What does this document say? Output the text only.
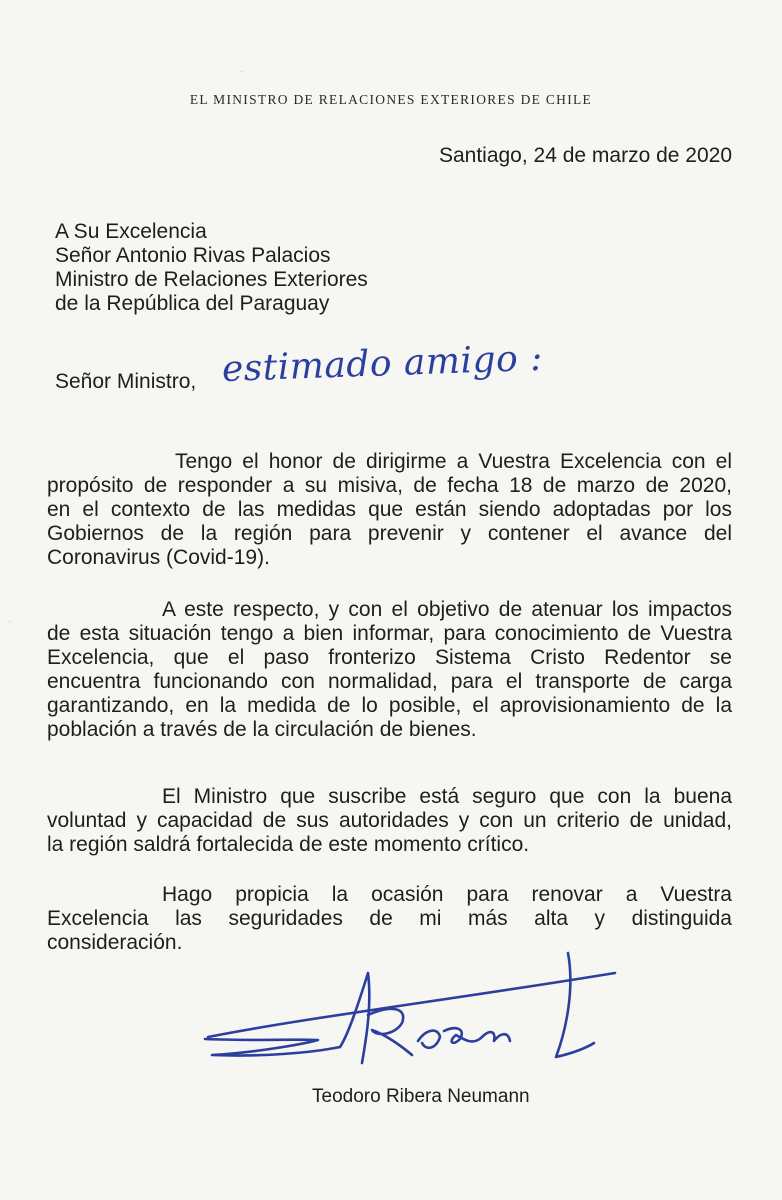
·
·
EL MINISTRO DE RELACIONES EXTERIORES DE CHILE
Santiago, 24 de marzo de 2020
A Su Excelencia
Señor Antonio Rivas Palacios
Ministro de Relaciones Exteriores
de la República del Paraguay
Señor Ministro, estimado amigo :
Tengo el honor de dirigirme a Vuestra Excelencia con el
propósito de responder a su misiva, de fecha 18 de marzo de 2020,
en el contexto de las medidas que están siendo adoptadas por los
Gobiernos de la región para prevenir y contener el avance del
Coronavirus (Covid-19).
A este respecto, y con el objetivo de atenuar los impactos
de esta situación tengo a bien informar, para conocimiento de Vuestra
Excelencia, que el paso fronterizo Sistema Cristo Redentor se
encuentra funcionando con normalidad, para el transporte de carga
garantizando, en la medida de lo posible, el aprovisionamiento de la
población a través de la circulación de bienes.
El Ministro que suscribe está seguro que con la buena
voluntad y capacidad de sus autoridades y con un criterio de unidad,
la región saldrá fortalecida de este momento crítico.
Hago propicia la ocasión para renovar a Vuestra
Excelencia las seguridades de mi más alta y distinguida
consideración.
Teodoro Ribera Neumann
